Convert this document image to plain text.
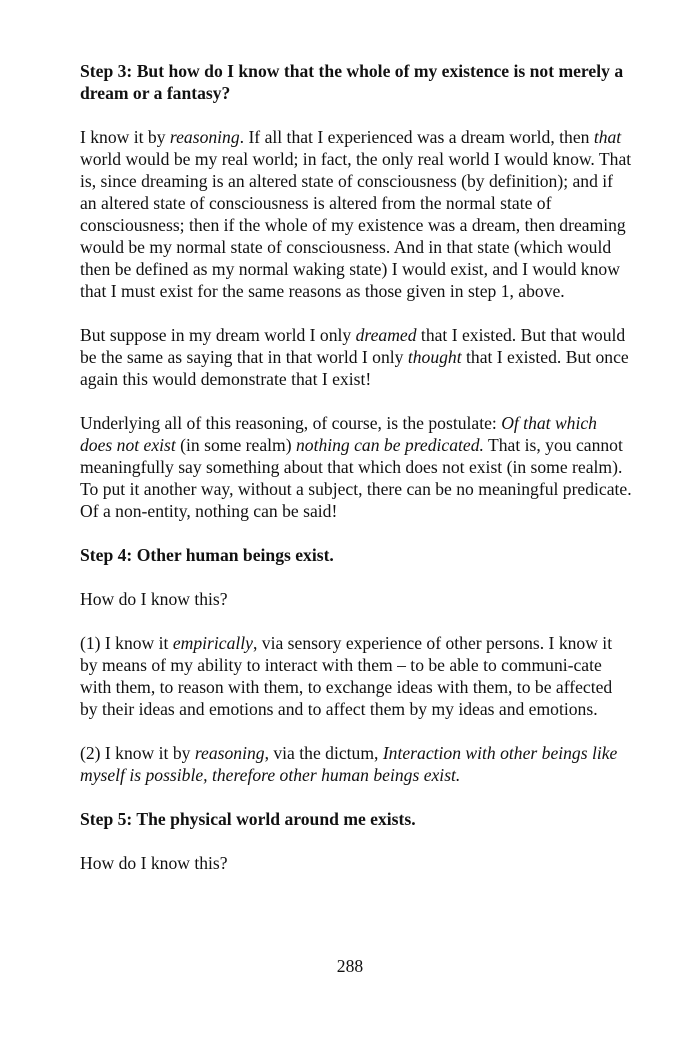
Step 3: But how do I know that the whole of my existence is not merely a dream or a fantasy?
I know it by reasoning. If all that I experienced was a dream world, then that world would be my real world; in fact, the only real world I would know. That is, since dreaming is an altered state of consciousness (by definition); and if an altered state of consciousness is altered from the normal state of consciousness; then if the whole of my existence was a dream, then dreaming would be my normal state of consciousness. And in that state (which would then be defined as my normal waking state) I would exist, and I would know that I must exist for the same reasons as those given in step 1, above.
But suppose in my dream world I only dreamed that I existed. But that would be the same as saying that in that world I only thought that I existed. But once again this would demonstrate that I exist!
Underlying all of this reasoning, of course, is the postulate: Of that which does not exist (in some realm) nothing can be predicated. That is, you cannot meaningfully say something about that which does not exist (in some realm). To put it another way, without a subject, there can be no meaningful predicate. Of a non-entity, nothing can be said!
Step 4: Other human beings exist.
How do I know this?
(1) I know it empirically, via sensory experience of other persons. I know it by means of my ability to interact with them – to be able to communi-cate with them, to reason with them, to exchange ideas with them, to be affected by their ideas and emotions and to affect them by my ideas and emotions.
(2) I know it by reasoning, via the dictum, Interaction with other beings like myself is possible, therefore other human beings exist.
Step 5: The physical world around me exists.
How do I know this?
288
